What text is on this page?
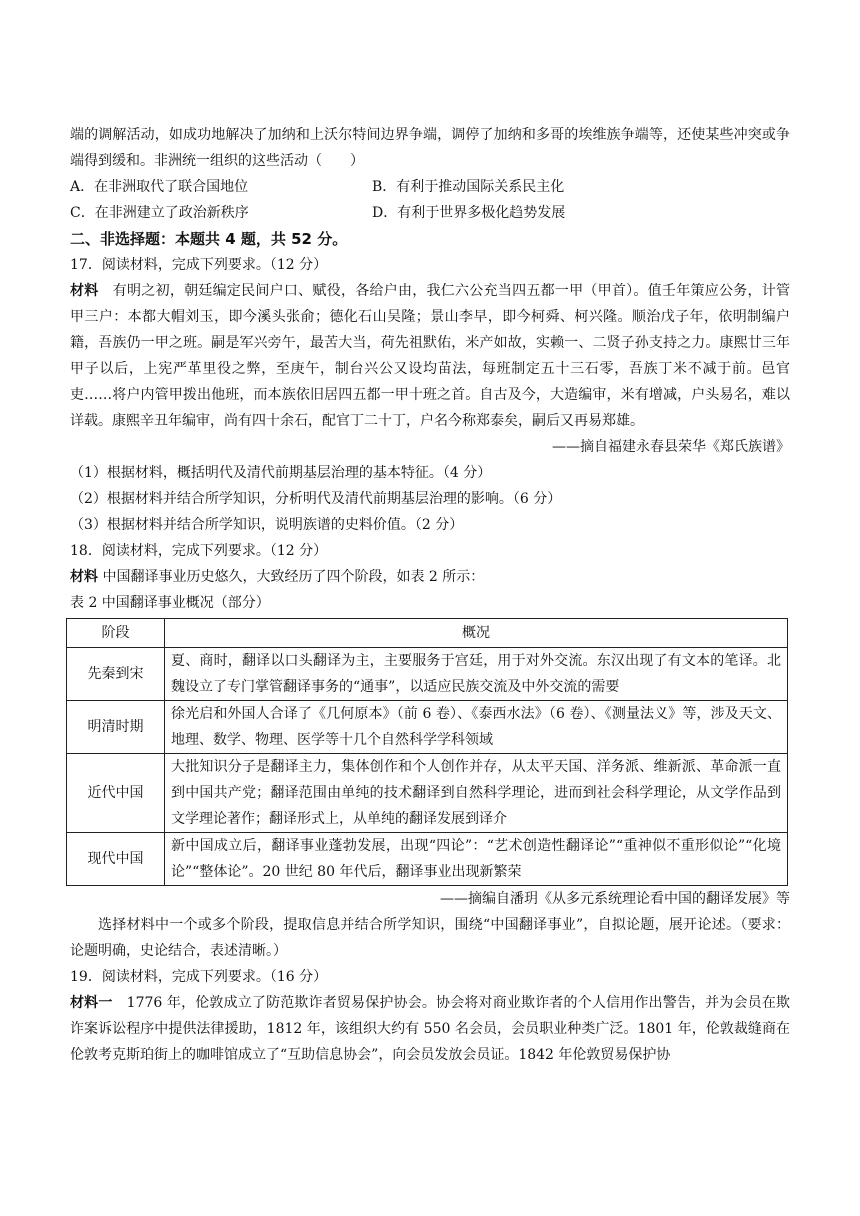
端的调解活动，如成功地解决了加纳和上沃尔特间边界争端，调停了加纳和多哥的埃维族争端等，还使某些冲突或争端得到缓和。非洲统一组织的这些活动（　　）

A．在非洲取代了联合国地位	B．有利于推动国际关系民主化
C．在非洲建立了政治新秩序	D．有利于世界多极化趋势发展

二、非选择题：本题共 4 题，共 52 分。

17．阅读材料，完成下列要求。（12 分）

材料　 有明之初，朝廷编定民间户口、赋役，各给户由，我仁六公充当四五都一甲（甲首）。值壬年策应公务，计管甲三户：本都大帽刘玉，即今溪头张俞；德化石山吴隆；景山李早，即今柯舜、柯兴隆。顺治戊子年，依明制编户籍，吾族仍一甲之班。嗣是军兴旁午，最苦大当，荷先祖默佑，米产如故，实赖一、二贤子孙支持之力。康熙廿三年甲子以后，上宪严革里役之弊，至庚午，制台兴公又设均苗法，每班制定五十三石零，吾族丁米不减于前。邑官吏……将户内管甲拨出他班，而本族依旧居四五都一甲十班之首。自古及今，大造编审，米有增减，户头易名，难以详载。康熙辛丑年编审，尚有四十余石，配官丁二十丁，户名今称郑泰矣，嗣后又再易郑雄。

——摘自福建永春县荣华《郑氏族谱》

（1）根据材料，概括明代及清代前期基层治理的基本特征。（4 分）

（2）根据材料并结合所学知识，分析明代及清代前期基层治理的影响。（6 分）

（3）根据材料并结合所学知识，说明族谱的史料价值。（2 分）

18．阅读材料，完成下列要求。（12 分）

材料 中国翻译事业历史悠久，大致经历了四个阶段，如表 2 所示：

表 2 中国翻译事业概况（部分）

阶段	概况
先秦到宋	夏、商时，翻译以口头翻译为主，主要服务于宫廷，用于对外交流。东汉出现了有文本的笔译。北魏设立了专门掌管翻译事务的“通事”，以适应民族交流及中外交流的需要
明清时期	徐光启和外国人合译了《几何原本》（前 6 卷）、《泰西水法》（6 卷）、《测量法义》等，涉及天文、地理、数学、物理、医学等十几个自然科学学科领域
近代中国	大批知识分子是翻译主力，集体创作和个人创作并存，从太平天国、洋务派、维新派、革命派一直到中国共产党；翻译范围由单纯的技术翻译到自然科学理论，进而到社会科学理论，从文学作品到文学理论著作；翻译形式上，从单纯的翻译发展到译介
现代中国	新中国成立后，翻译事业蓬勃发展，出现“四论”：“艺术创造性翻译论”“重神似不重形似论”“化境论”“整体论”。20 世纪 80 年代后，翻译事业出现新繁荣

——摘编自潘玥《从多元系统理论看中国的翻译发展》等

选择材料中一个或多个阶段，提取信息并结合所学知识，围绕“中国翻译事业”，自拟论题，展开论述。（要求：论题明确，史论结合，表述清晰。）

19．阅读材料，完成下列要求。（16 分）

材料一　 1776 年，伦敦成立了防范欺诈者贸易保护协会。协会将对商业欺诈者的个人信用作出警告，并为会员在欺诈案诉讼程序中提供法律援助，1812 年，该组织大约有 550 名会员，会员职业种类广泛。1801 年，伦敦裁缝商在伦敦考克斯珀街上的咖啡馆成立了“互助信息协会”，向会员发放会员证。1842 年伦敦贸易保护协
